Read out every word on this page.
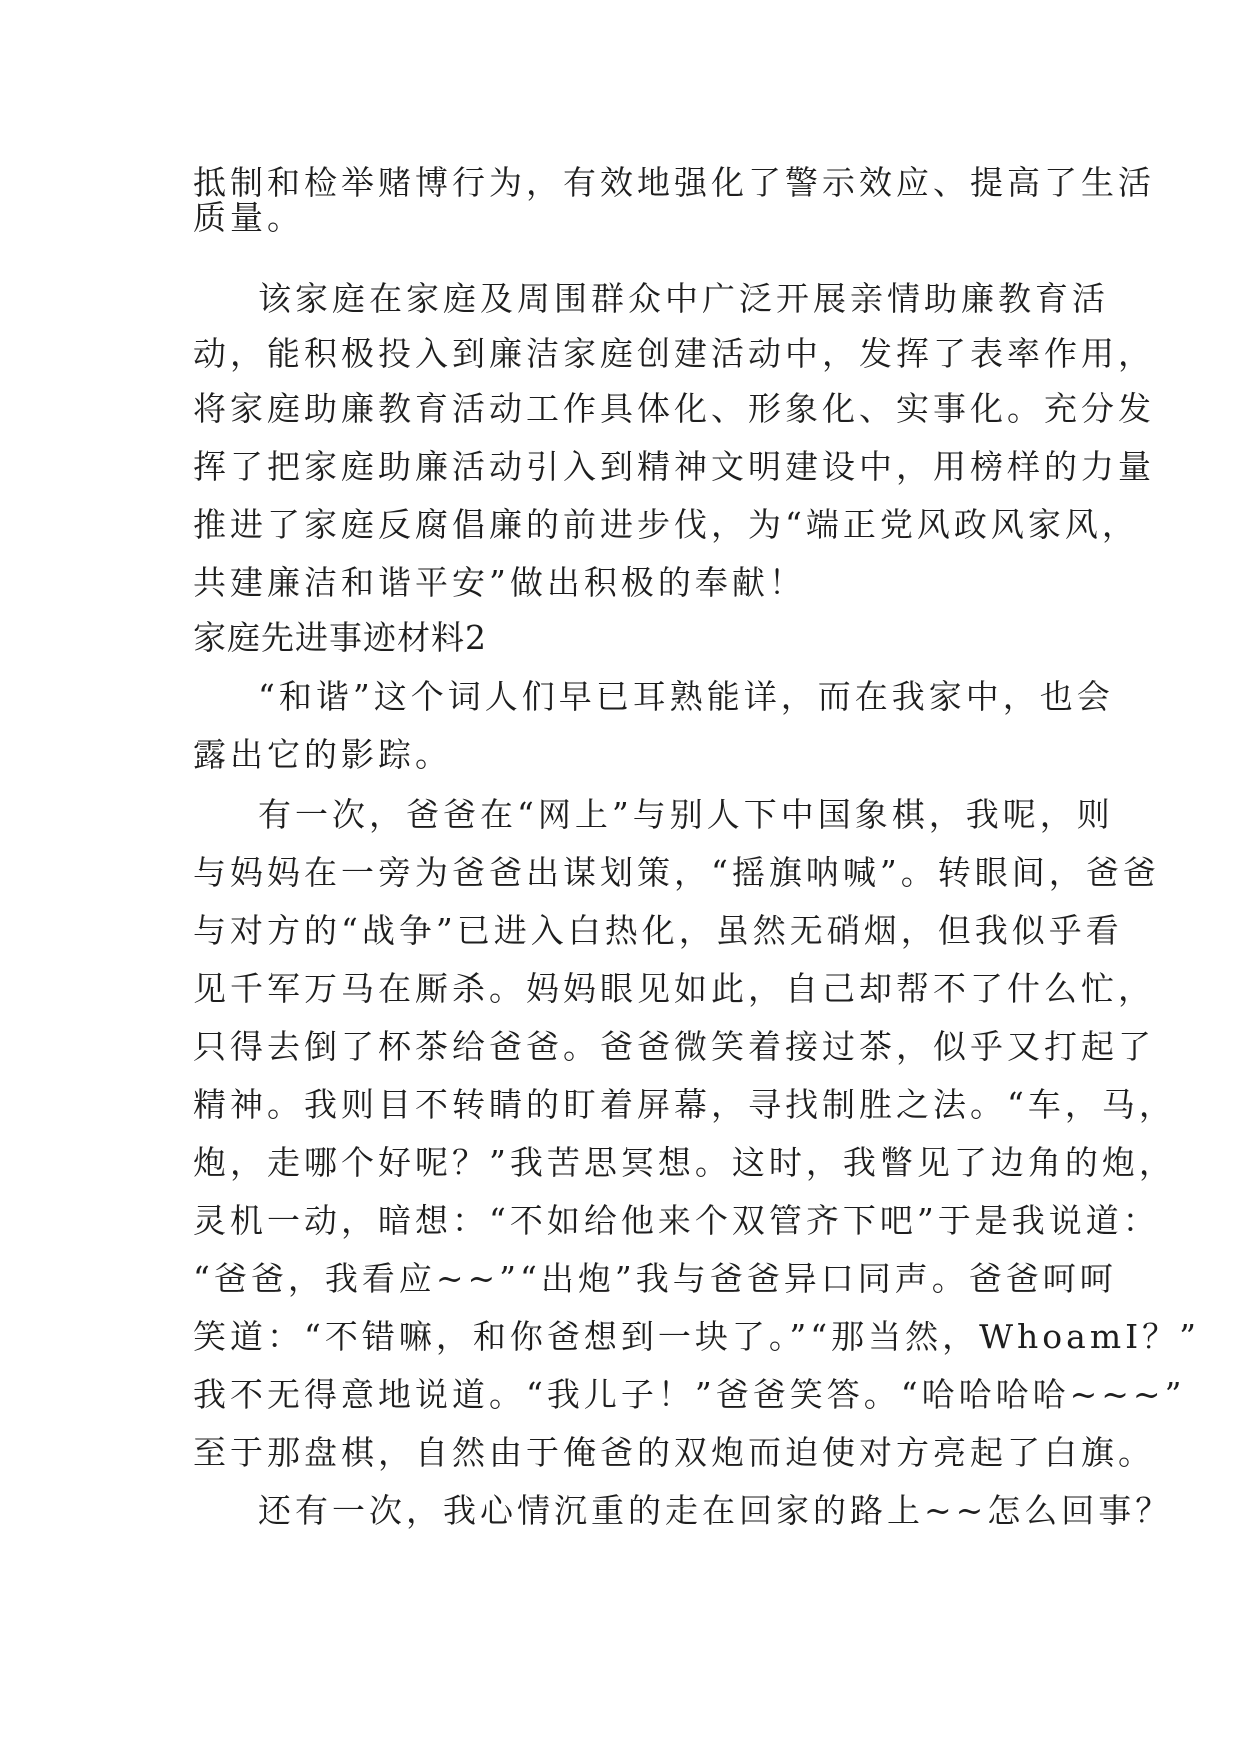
抵制和检举赌博行为，有效地强化了警示效应、提高了生活
质量。
该家庭在家庭及周围群众中广泛开展亲情助廉教育活
动，能积极投入到廉洁家庭创建活动中，发挥了表率作用，
将家庭助廉教育活动工作具体化、形象化、实事化。充分发
挥了把家庭助廉活动引入到精神文明建设中，用榜样的力量
推进了家庭反腐倡廉的前进步伐，为“端正党风政风家风，
共建廉洁和谐平安”做出积极的奉献！
家庭先进事迹材料2
“和谐”这个词人们早已耳熟能详，而在我家中，也会
露出它的影踪。
有一次，爸爸在“网上”与别人下中国象棋，我呢，则
与妈妈在一旁为爸爸出谋划策，“摇旗呐喊”。转眼间，爸爸
与对方的“战争”已进入白热化，虽然无硝烟，但我似乎看
见千军万马在厮杀。妈妈眼见如此，自己却帮不了什么忙，
只得去倒了杯茶给爸爸。爸爸微笑着接过茶，似乎又打起了
精神。我则目不转睛的盯着屏幕，寻找制胜之法。“车，马，
炮，走哪个好呢？”我苦思冥想。这时，我瞥见了边角的炮，
灵机一动，暗想：“不如给他来个双管齐下吧”于是我说道：
“爸爸，我看应~~”“出炮”我与爸爸异口同声。爸爸呵呵
笑道：“不错嘛，和你爸想到一块了。”“那当然，WhoamI？”
我不无得意地说道。“我儿子！”爸爸笑答。“哈哈哈哈~~~”
至于那盘棋，自然由于俺爸的双炮而迫使对方亮起了白旗。
还有一次，我心情沉重的走在回家的路上~~怎么回事？
